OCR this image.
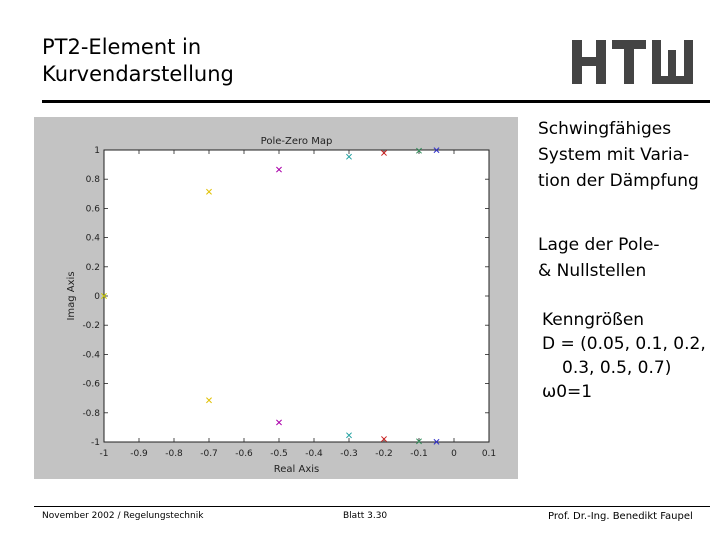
PT2-Element in
Kurvendarstellung
-1 -0.9 -0.8 -0.7 -0.6 -0.5 -0.4 -0.3 -0.2 -0.1	0	0.1
1
0.8
0.6
0.4
0.2
0
-0.2
-0.4
-0.6
-0.8
-1
Pole-Zero Map
Real Axis
Imag Axis
Schwingfähiges
System mit Varia-
tion der Dämpfung
Lage der Pole-
& Nullstellen
Kenngrößen
D = (0.05, 0.1, 0.2,
0.3, 0.5, 0.7)
ω0=1
November 2002 / Regelungstechnik	Blatt 3.30	Prof. Dr.-Ing. Benedikt Faupel
